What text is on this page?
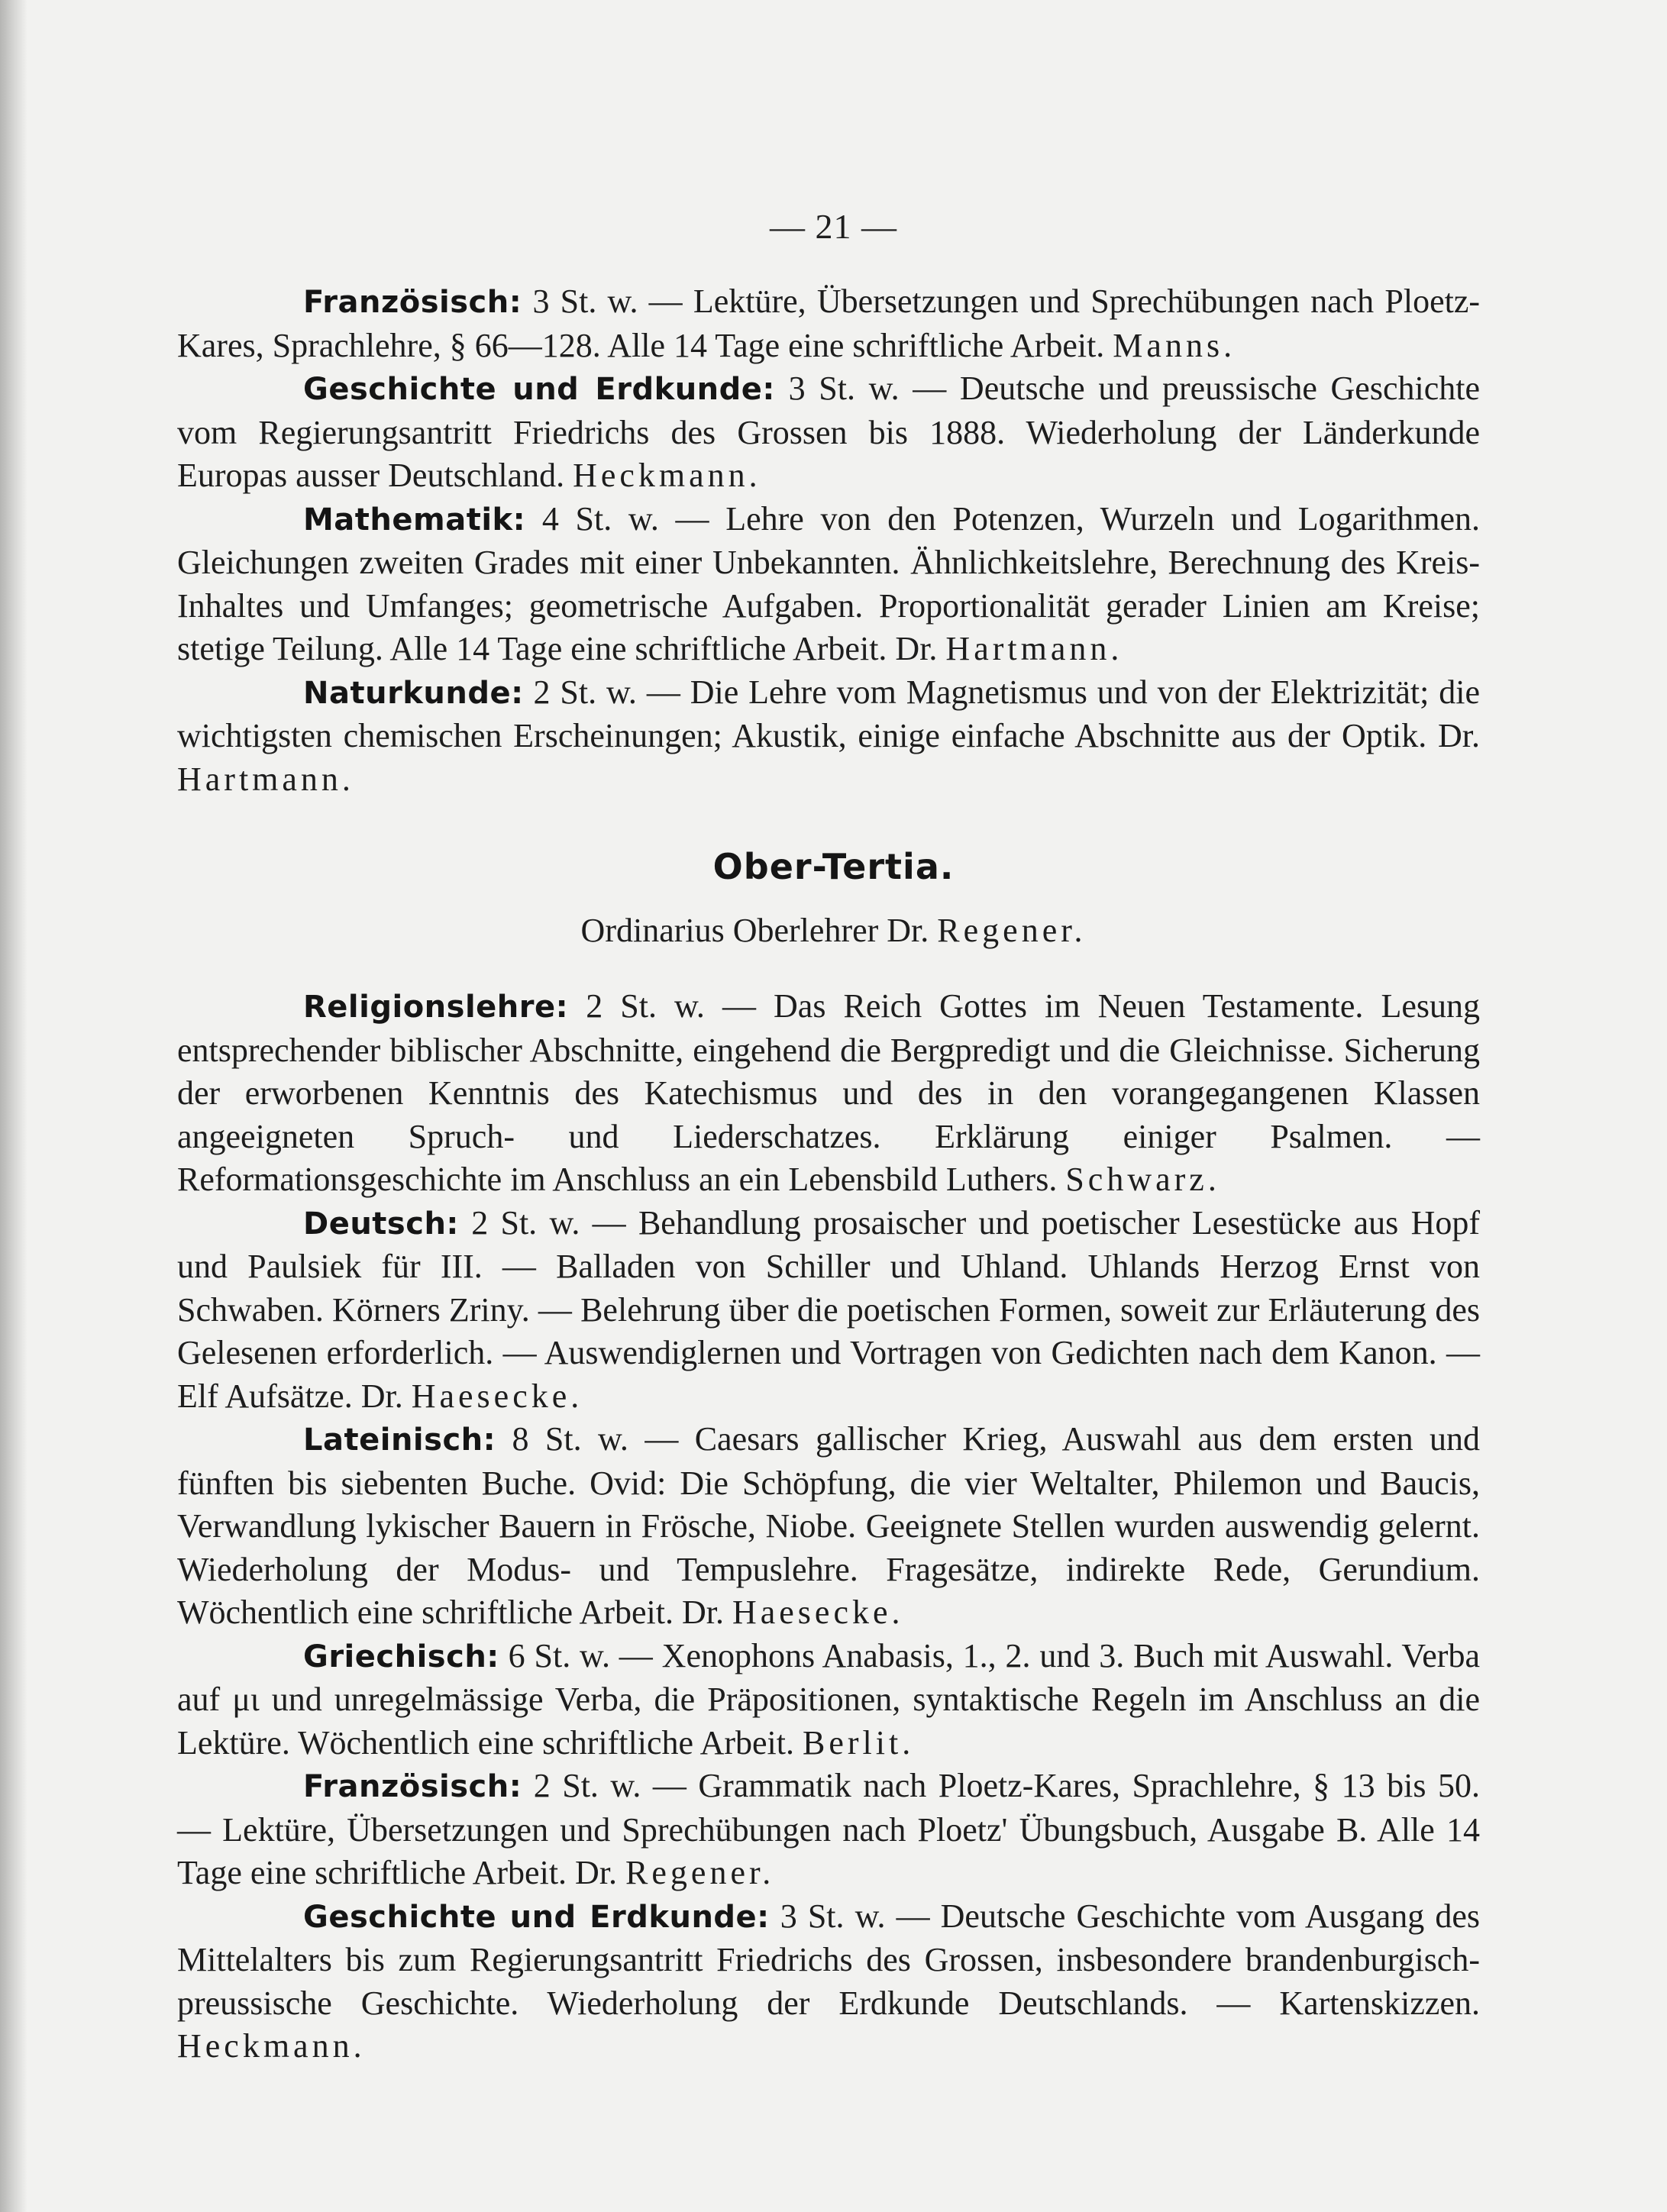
— 21 —

Französisch: 3 St. w. — Lektüre, Übersetzungen und Sprechübungen nach Ploetz-Kares, Sprachlehre, § 66—128. Alle 14 Tage eine schriftliche Arbeit. Manns.

Geschichte und Erdkunde: 3 St. w. — Deutsche und preussische Geschichte vom Regierungsantritt Friedrichs des Grossen bis 1888. Wiederholung der Länderkunde Europas ausser Deutschland. Heckmann.

Mathematik: 4 St. w. — Lehre von den Potenzen, Wurzeln und Logarithmen. Gleichungen zweiten Grades mit einer Unbekannten. Ähnlichkeitslehre, Berechnung des Kreis-Inhaltes und Umfanges; geometrische Aufgaben. Proportionalität gerader Linien am Kreise; stetige Teilung. Alle 14 Tage eine schriftliche Arbeit. Dr. Hartmann.

Naturkunde: 2 St. w. — Die Lehre vom Magnetismus und von der Elektrizität; die wichtigsten chemischen Erscheinungen; Akustik, einige einfache Abschnitte aus der Optik. Dr. Hartmann.

Ober-Tertia.
Ordinarius Oberlehrer Dr. Regener.

Religionslehre: 2 St. w. — Das Reich Gottes im Neuen Testamente. Lesung entsprechender biblischer Abschnitte, eingehend die Bergpredigt und die Gleichnisse. Sicherung der erworbenen Kenntnis des Katechismus und des in den vorangegangenen Klassen angeeigneten Spruch- und Liederschatzes. Erklärung einiger Psalmen. — Reformationsgeschichte im Anschluss an ein Lebensbild Luthers. Schwarz.

Deutsch: 2 St. w. — Behandlung prosaischer und poetischer Lesestücke aus Hopf und Paulsiek für III. — Balladen von Schiller und Uhland. Uhlands Herzog Ernst von Schwaben. Körners Zriny. — Belehrung über die poetischen Formen, soweit zur Erläuterung des Gelesenen erforderlich. — Auswendiglernen und Vortragen von Gedichten nach dem Kanon. — Elf Aufsätze. Dr. Haesecke.

Lateinisch: 8 St. w. — Caesars gallischer Krieg, Auswahl aus dem ersten und fünften bis siebenten Buche. Ovid: Die Schöpfung, die vier Weltalter, Philemon und Baucis, Verwandlung lykischer Bauern in Frösche, Niobe. Geeignete Stellen wurden auswendig gelernt. Wiederholung der Modus- und Tempuslehre. Fragesätze, indirekte Rede, Gerundium. Wöchentlich eine schriftliche Arbeit. Dr. Haesecke.

Griechisch: 6 St. w. — Xenophons Anabasis, 1., 2. und 3. Buch mit Auswahl. Verba auf μι und unregelmässige Verba, die Präpositionen, syntaktische Regeln im Anschluss an die Lektüre. Wöchentlich eine schriftliche Arbeit. Berlit.

Französisch: 2 St. w. — Grammatik nach Ploetz-Kares, Sprachlehre, § 13 bis 50. — Lektüre, Übersetzungen und Sprechübungen nach Ploetz' Übungsbuch, Ausgabe B. Alle 14 Tage eine schriftliche Arbeit. Dr. Regener.

Geschichte und Erdkunde: 3 St. w. — Deutsche Geschichte vom Ausgang des Mittelalters bis zum Regierungsantritt Friedrichs des Grossen, insbesondere brandenburgisch-preussische Geschichte. Wiederholung der Erdkunde Deutschlands. — Kartenskizzen. Heckmann.
